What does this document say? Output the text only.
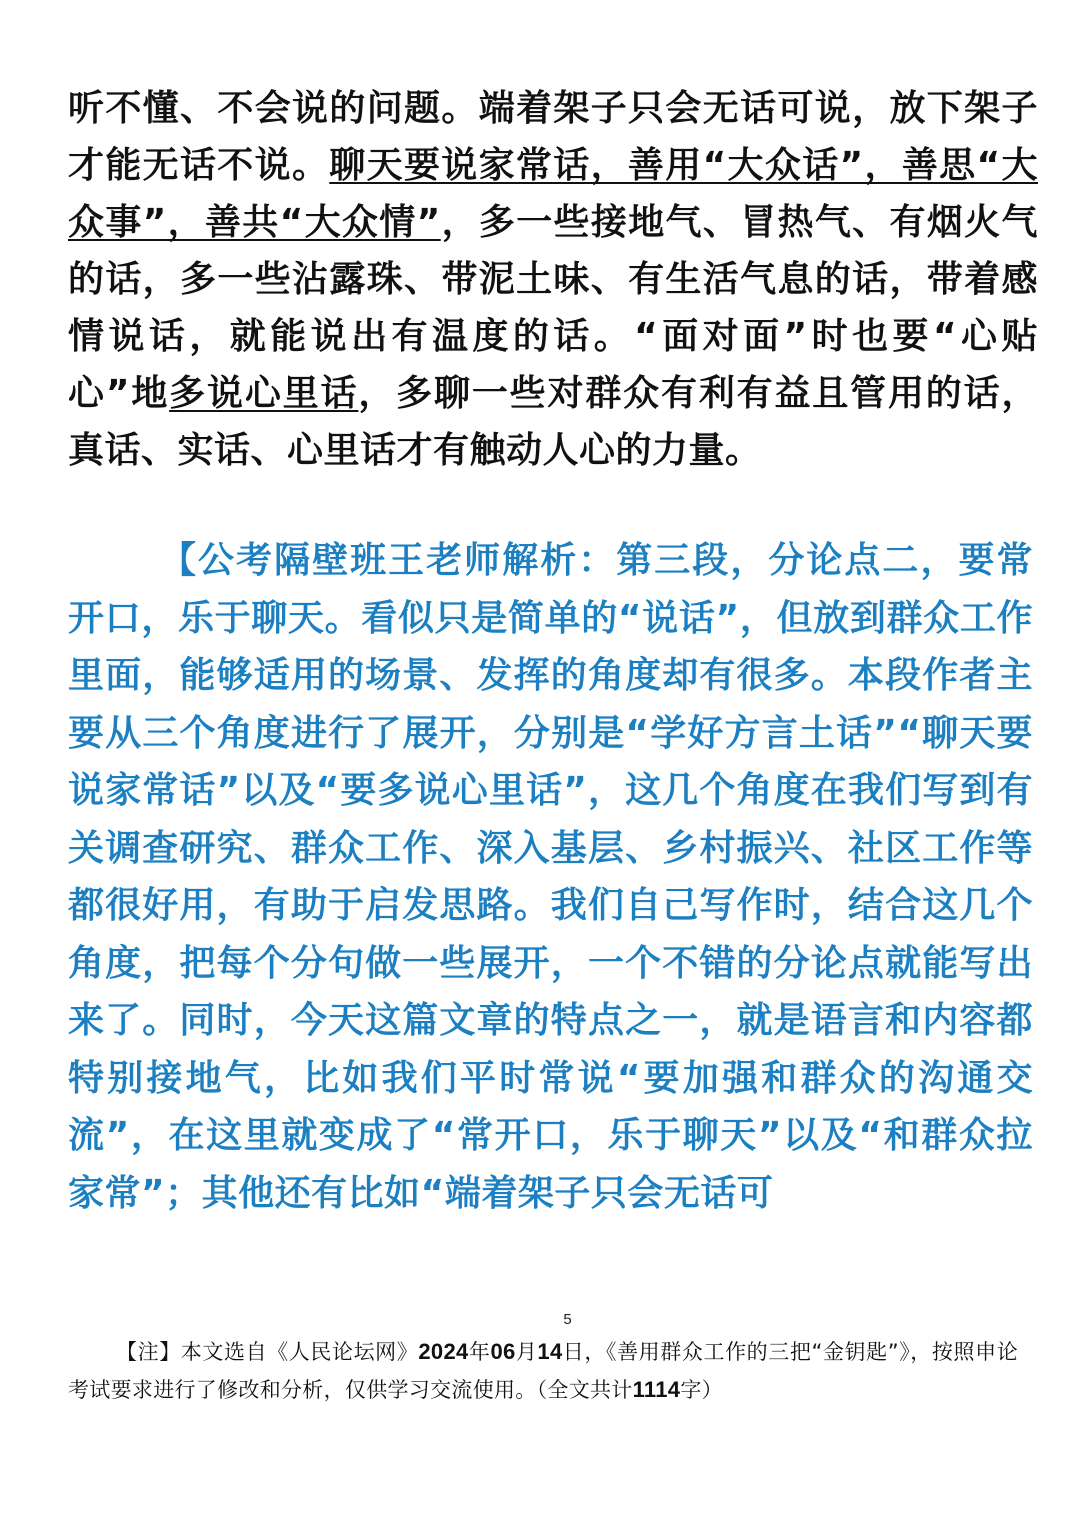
听不懂、不会说的问题。端着架子只会无话可说，放下架子才能无话不说。聊天要说家常话，善用“大众话”，善思“大众事”，善共“大众情”，多一些接地气、冒热气、有烟火气的话，多一些沾露珠、带泥土味、有生活气息的话，带着感情说话，就能说出有温度的话。“面对面”时也要“心贴心”地多说心里话，多聊一些对群众有利有益且管用的话，真话、实话、心里话才有触动人心的力量。
【公考隔壁班王老师解析：第三段，分论点二，要常开口，乐于聊天。看似只是简单的“说话”，但放到群众工作里面，能够适用的场景、发挥的角度却有很多。本段作者主要从三个角度进行了展开，分别是“学好方言土话”“聊天要说家常话”以及“要多说心里话”，这几个角度在我们写到有关调查研究、群众工作、深入基层、乡村振兴、社区工作等都很好用，有助于启发思路。我们自己写作时，结合这几个角度，把每个分句做一些展开，一个不错的分论点就能写出来了。同时，今天这篇文章的特点之一，就是语言和内容都特别接地气，比如我们平时常说“要加强和群众的沟通交流”，在这里就变成了“常开口，乐于聊天”以及“和群众拉家常”；其他还有比如“端着架子只会无话可
5
【注】本文选自《人民论坛网》2024年06月14日，《善用群众工作的三把“金钥匙”》，按照申论考试要求进行了修改和分析，仅供学习交流使用。（全文共计1114字）
